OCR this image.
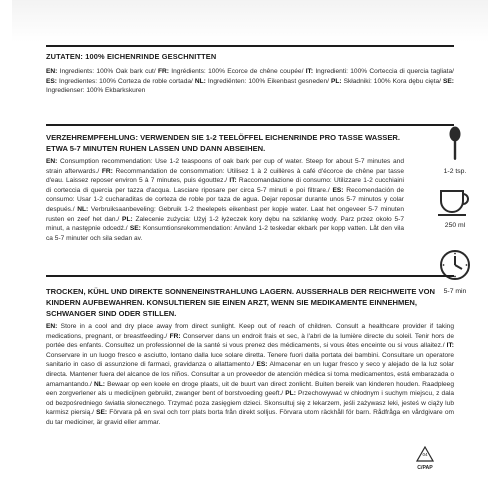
ZUTATEN: 100% EICHENRINDE GESCHNITTEN
EN: Ingredients: 100% Oak bark cut/ FR: Ingrédients: 100% Ecorce de chêne coupée/ IT: Ingredienti: 100% Corteccia di quercia tagliata/ ES: Ingredientes: 100% Corteza de roble cortada/ NL: Ingrediënten: 100% Eikenbast gesneden/ PL: Składniki: 100% Kora dębu cięta/ SE: Ingredienser: 100% Ekbarkskuren
VERZEHREMPFEHLUNG: VERWENDEN SIE 1-2 TEELÖFFEL EICHENRINDE PRO TASSE WASSER. ETWA 5-7 MINUTEN RUHEN LASSEN UND DANN ABSEIHEN.
EN: Consumption recommendation: Use 1-2 teaspoons of oak bark per cup of water. Steep for about 5-7 minutes and strain afterwards./ FR: Recommandation de consommation: Utilisez 1 à 2 cuillères à café d'écorce de chêne par tasse d'eau. Laissez reposer environ 5 à 7 minutes, puis égouttez./ IT: Raccomandazione di consumo: Utilizzare 1-2 cucchiaini di corteccia di quercia per tazza d'acqua. Lasciare riposare per circa 5-7 minuti e poi filtrare./ ES: Recomendación de consumo: Usar 1-2 cucharaditas de corteza de roble por taza de agua. Dejar reposar durante unos 5-7 minutos y colar después./ NL: Verbruiksaanbeveling: Gebruik 1-2 theelepels eikenbast per kopje water. Laat het ongeveer 5-7 minuten rusten en zeef het dan./ PL: Zalecenie zużycia: Użyj 1-2 łyżeczek kory dębu na szklankę wody. Parz przez około 5-7 minut, a następnie odcedź./ SE: Konsumtionsrekommendation: Använd 1-2 teskedar ekbark per kopp vatten. Låt den vila ca 5-7 minuter och sila sedan av.
1-2 tsp.
250 ml
5-7 min
TROCKEN, KÜHL UND DIREKTE SONNENEINSTRAHLUNG LAGERN. AUSSERHALB DER REICHWEITE VON KINDERN AUFBEWAHREN. KONSULTIEREN SIE EINEN ARZT, WENN SIE MEDIKAMENTE EINNEHMEN, SCHWANGER SIND ODER STILLEN.
EN: Store in a cool and dry place away from direct sunlight. Keep out of reach of children. Consult a healthcare provider if taking medications, pregnant, or breastfeeding./ FR: Conserver dans un endroit frais et sec, à l'abri de la lumière directe du soleil. Tenir hors de portée des enfants. Consultez un professionnel de la santé si vous prenez des médicaments, si vous êtes enceinte ou si vous allaitez./ IT: Conservare in un luogo fresco e asciutto, lontano dalla luce solare diretta. Tenere fuori dalla portata dei bambini. Consultare un operatore sanitario in caso di assunzione di farmaci, gravidanza o allattamento./ ES: Almacenar en un lugar fresco y seco y alejado de la luz solar directa. Mantener fuera del alcance de los niños. Consultar a un proveedor de atención médica si toma medicamentos, está embarazada o amamantando./ NL: Bewaar op een koele en droge plaats, uit de buurt van direct zonlicht. Buiten bereik van kinderen houden. Raadpleeg een zorgverlener als u medicijnen gebruikt, zwanger bent of borstvoeding geeft./ PL: Przechowywać w chłodnym i suchym miejscu, z dala od bezpośredniego światła słonecznego. Trzymać poza zasięgiem dzieci. Skonsultuj się z lekarzem, jeśli zażywasz leki, jesteś w ciąży lub karmisz piersią./ SE: Förvara på en sval och torr plats borta från direkt solljus. Förvara utom räckhåll för barn. Rådfråga en vårdgivare om du tar mediciner, är gravid eller ammar.
04
C/PAP
